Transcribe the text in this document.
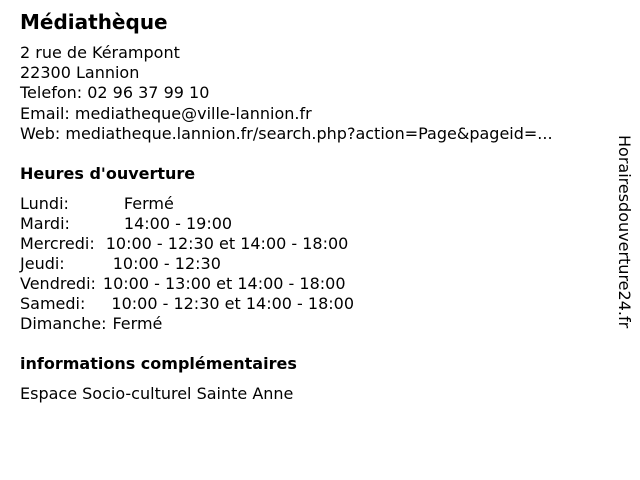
Médiathèque
2 rue de Kérampont
22300 Lannion
Telefon: 02 96 37 99 10
Email: mediatheque@ville-lannion.fr
Web: mediatheque.lannion.fr/search.php?action=Page&pageid=...
Heures d'ouverture
Lundi:	Fermé
Mardi:	14:00 - 19:00
Mercredi: 10:00 - 12:30 et 14:00 - 18:00
Jeudi:	10:00 - 12:30
Vendredi: 10:00 - 13:00 et 14:00 - 18:00
Samedi: 10:00 - 12:30 et 14:00 - 18:00
Dimanche: Fermé
informations complémentaires
Espace Socio-culturel Sainte Anne
Horairesdouverture24.fr
